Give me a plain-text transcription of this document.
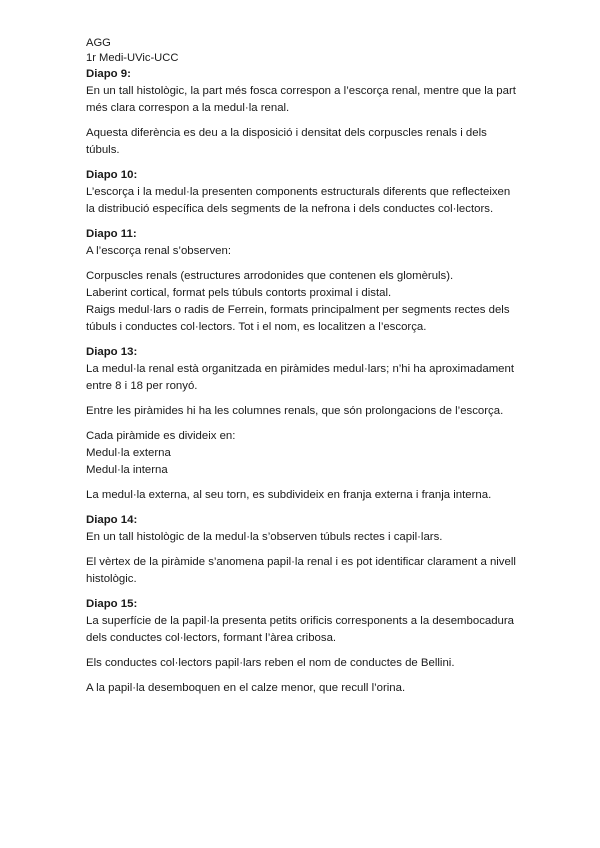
AGG

1r Medi-UVic-UCC

Diapo 9:

En un tall histològic, la part més fosca correspon a l’escorça renal, mentre que la part més clara correspon a la medul·la renal.

Aquesta diferència es deu a la disposició i densitat dels corpuscles renals i dels túbuls.

Diapo 10:

L’escorça i la medul·la presenten components estructurals diferents que reflecteixen la distribució específica dels segments de la nefrona i dels conductes col·lectors.

Diapo 11:

A l’escorça renal s’observen:

Corpuscles renals (estructures arrodonides que contenen els glomèruls).

Laberint cortical, format pels túbuls contorts proximal i distal.

Raigs medul·lars o radis de Ferrein, formats principalment per segments rectes dels túbuls i conductes col·lectors. Tot i el nom, es localitzen a l’escorça.

Diapo 13:

La medul·la renal està organitzada en piràmides medul·lars; n’hi ha aproximadament entre 8 i 18 per ronyó.

Entre les piràmides hi ha les columnes renals, que són prolongacions de l’escorça.

Cada piràmide es divideix en:

Medul·la externa

Medul·la interna

La medul·la externa, al seu torn, es subdivideix en franja externa i franja interna.

Diapo 14:

En un tall histològic de la medul·la s’observen túbuls rectes i capil·lars.

El vèrtex de la piràmide s’anomena papil·la renal i es pot identificar clarament a nivell histològic.

Diapo 15:

La superfície de la papil·la presenta petits orificis corresponents a la desembocadura dels conductes col·lectors, formant l’àrea cribosa.

Els conductes col·lectors papil·lars reben el nom de conductes de Bellini.

A la papil·la desemboquen en el calze menor, que recull l’orina.
